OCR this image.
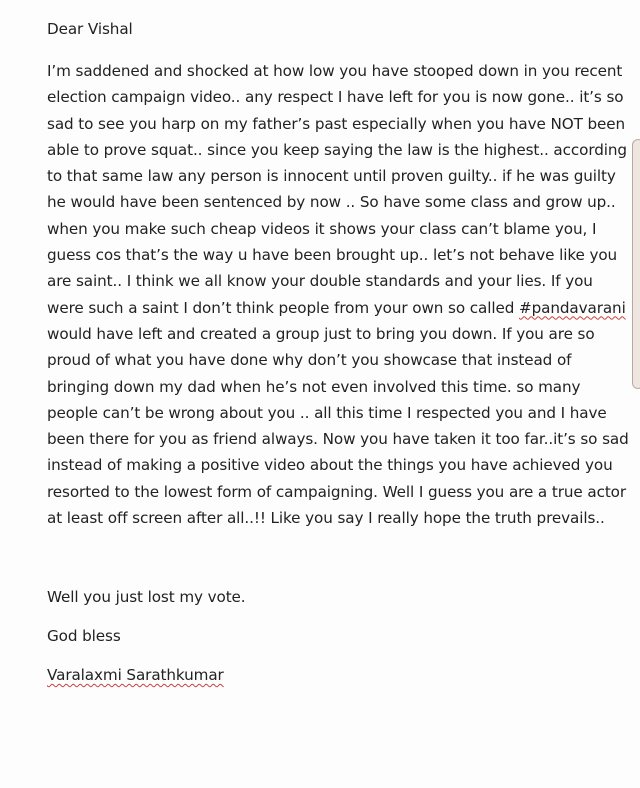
Dear Vishal
I’m saddened and shocked at how low you have stooped down in you recent
election campaign video.. any respect I have left for you is now gone.. it’s so
sad to see you harp on my father’s past especially when you have NOT been
able to prove squat.. since you keep saying the law is the highest.. according
to that same law any person is innocent until proven guilty.. if he was guilty
he would have been sentenced by now .. So have some class and grow up..
when you make such cheap videos it shows your class can’t blame you, I
guess cos that’s the way u have been brought up.. let’s not behave like you
are saint.. I think we all know your double standards and your lies. If you
were such a saint I don’t think people from your own so called #pandavarani
would have left and created a group just to bring you down. If you are so
proud of what you have done why don’t you showcase that instead of
bringing down my dad when he’s not even involved this time. so many
people can’t be wrong about you .. all this time I respected you and I have
been there for you as friend always. Now you have taken it too far..it’s so sad
instead of making a positive video about the things you have achieved you
resorted to the lowest form of campaigning. Well I guess you are a true actor
at least off screen after all..!! Like you say I really hope the truth prevails..
Well you just lost my vote.
God bless
Varalaxmi Sarathkumar
